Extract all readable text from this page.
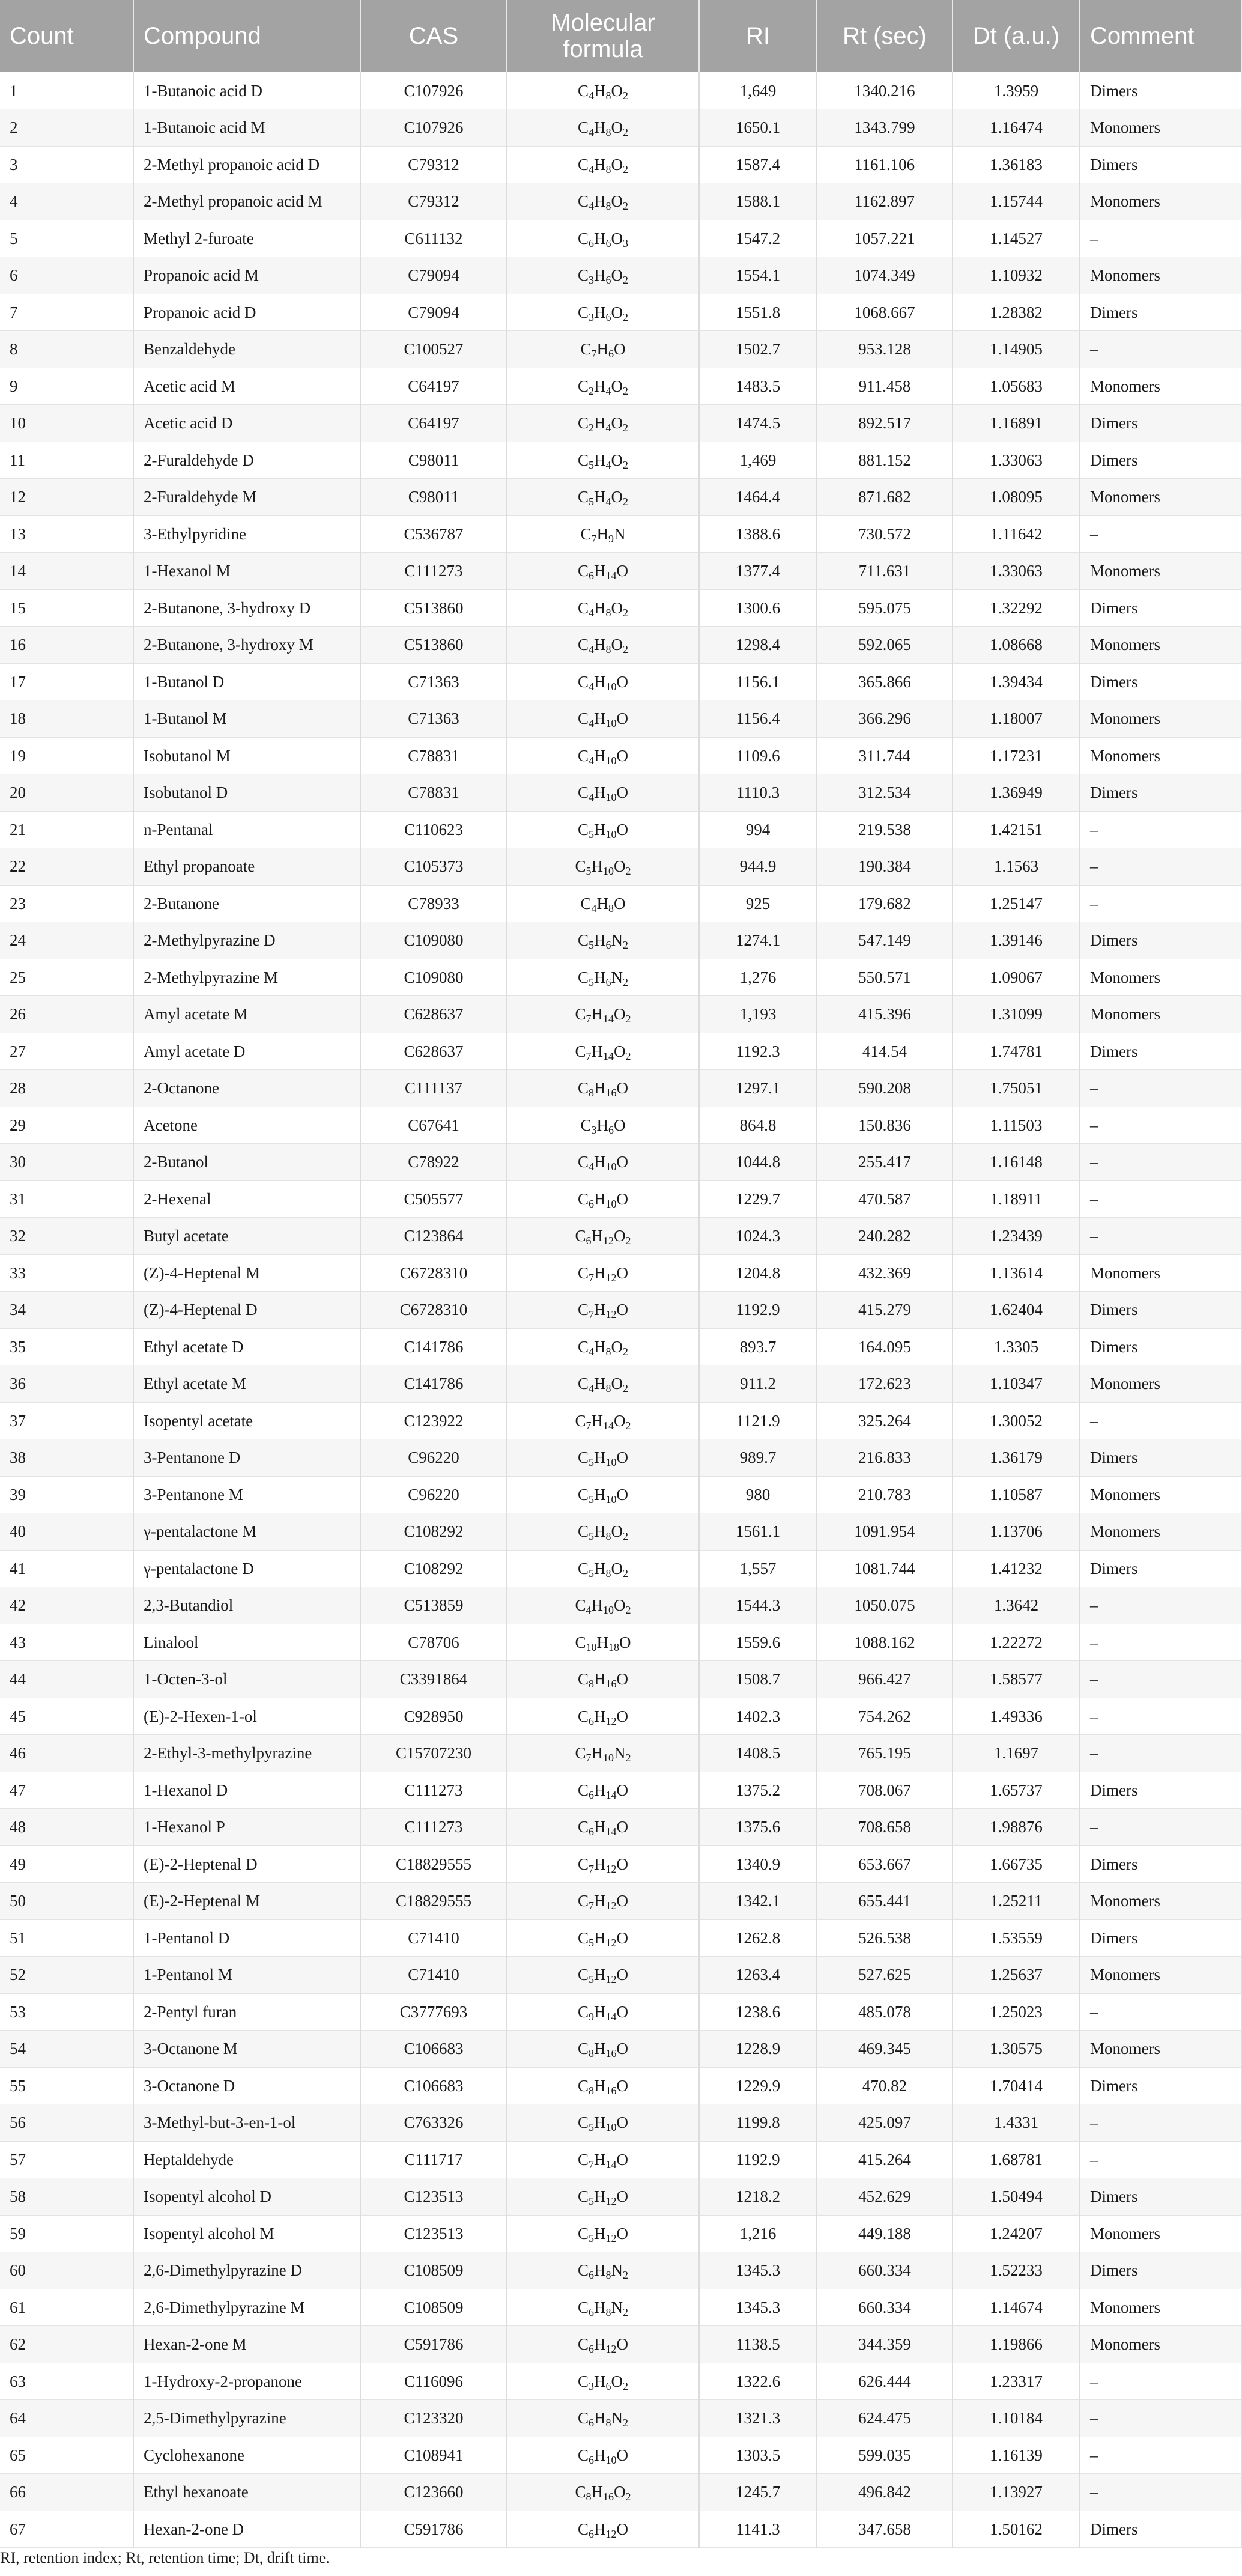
Count	Compound	CAS	Molecular formula	RI	Rt (sec)	Dt (a.u.)	Comment
1	1-Butanoic acid D	C107926	$C_4H_8O_2$	1,649	1340.216	1.3959	Dimers
2	1-Butanoic acid M	C107926	$C_4H_8O_2$	1650.1	1343.799	1.16474	Monomers
3	2-Methyl propanoic acid D	C79312	$C_4H_8O_2$	1587.4	1161.106	1.36183	Dimers
4	2-Methyl propanoic acid M	C79312	$C_4H_8O_2$	1588.1	1162.897	1.15744	Monomers
5	Methyl 2-furoate	C611132	$C_6H_6O_3$	1547.2	1057.221	1.14527	–
6	Propanoic acid M	C79094	$C_3H_6O_2$	1554.1	1074.349	1.10932	Monomers
7	Propanoic acid D	C79094	$C_3H_6O_2$	1551.8	1068.667	1.28382	Dimers
8	Benzaldehyde	C100527	$C_7H_6O$	1502.7	953.128	1.14905	–
9	Acetic acid M	C64197	$C_2H_4O_2$	1483.5	911.458	1.05683	Monomers
10	Acetic acid D	C64197	$C_2H_4O_2$	1474.5	892.517	1.16891	Dimers
11	2-Furaldehyde D	C98011	$C_5H_4O_2$	1,469	881.152	1.33063	Dimers
12	2-Furaldehyde M	C98011	$C_5H_4O_2$	1464.4	871.682	1.08095	Monomers
13	3-Ethylpyridine	C536787	$C_7H_9N$	1388.6	730.572	1.11642	–
14	1-Hexanol M	C111273	$C_6H_{14}O$	1377.4	711.631	1.33063	Monomers
15	2-Butanone, 3-hydroxy D	C513860	$C_4H_8O_2$	1300.6	595.075	1.32292	Dimers
16	2-Butanone, 3-hydroxy M	C513860	$C_4H_8O_2$	1298.4	592.065	1.08668	Monomers
17	1-Butanol D	C71363	$C_4H_{10}O$	1156.1	365.866	1.39434	Dimers
18	1-Butanol M	C71363	$C_4H_{10}O$	1156.4	366.296	1.18007	Monomers
19	Isobutanol M	C78831	$C_4H_{10}O$	1109.6	311.744	1.17231	Monomers
20	Isobutanol D	C78831	$C_4H_{10}O$	1110.3	312.534	1.36949	Dimers
21	n-Pentanal	C110623	$C_5H_{10}O$	994	219.538	1.42151	–
22	Ethyl propanoate	C105373	$C_5H_{10}O_2$	944.9	190.384	1.1563	–
23	2-Butanone	C78933	$C_4H_8O$	925	179.682	1.25147	–
24	2-Methylpyrazine D	C109080	$C_5H_6N_2$	1274.1	547.149	1.39146	Dimers
25	2-Methylpyrazine M	C109080	$C_5H_6N_2$	1,276	550.571	1.09067	Monomers
26	Amyl acetate M	C628637	$C_7H_{14}O_2$	1,193	415.396	1.31099	Monomers
27	Amyl acetate D	C628637	$C_7H_{14}O_2$	1192.3	414.54	1.74781	Dimers
28	2-Octanone	C111137	$C_8H_{16}O$	1297.1	590.208	1.75051	–
29	Acetone	C67641	$C_3H_6O$	864.8	150.836	1.11503	–
30	2-Butanol	C78922	$C_4H_{10}O$	1044.8	255.417	1.16148	–
31	2-Hexenal	C505577	$C_6H_{10}O$	1229.7	470.587	1.18911	–
32	Butyl acetate	C123864	$C_6H_{12}O_2$	1024.3	240.282	1.23439	–
33	(Z)-4-Heptenal M	C6728310	$C_7H_{12}O$	1204.8	432.369	1.13614	Monomers
34	(Z)-4-Heptenal D	C6728310	$C_7H_{12}O$	1192.9	415.279	1.62404	Dimers
35	Ethyl acetate D	C141786	$C_4H_8O_2$	893.7	164.095	1.3305	Dimers
36	Ethyl acetate M	C141786	$C_4H_8O_2$	911.2	172.623	1.10347	Monomers
37	Isopentyl acetate	C123922	$C_7H_{14}O_2$	1121.9	325.264	1.30052	–
38	3-Pentanone D	C96220	$C_5H_{10}O$	989.7	216.833	1.36179	Dimers
39	3-Pentanone M	C96220	$C_5H_{10}O$	980	210.783	1.10587	Monomers
40	γ-pentalactone M	C108292	$C_5H_8O_2$	1561.1	1091.954	1.13706	Monomers
41	γ-pentalactone D	C108292	$C_5H_8O_2$	1,557	1081.744	1.41232	Dimers
42	2,3-Butandiol	C513859	$C_4H_{10}O_2$	1544.3	1050.075	1.3642	–
43	Linalool	C78706	$C_{10}H_{18}O$	1559.6	1088.162	1.22272	–
44	1-Octen-3-ol	C3391864	$C_8H_{16}O$	1508.7	966.427	1.58577	–
45	(E)-2-Hexen-1-ol	C928950	$C_6H_{12}O$	1402.3	754.262	1.49336	–
46	2-Ethyl-3-methylpyrazine	C15707230	$C_7H_{10}N_2$	1408.5	765.195	1.1697	–
47	1-Hexanol D	C111273	$C_6H_{14}O$	1375.2	708.067	1.65737	Dimers
48	1-Hexanol P	C111273	$C_6H_{14}O$	1375.6	708.658	1.98876	–
49	(E)-2-Heptenal D	C18829555	$C_7H_{12}O$	1340.9	653.667	1.66735	Dimers
50	(E)-2-Heptenal M	C18829555	$C_7H_{12}O$	1342.1	655.441	1.25211	Monomers
51	1-Pentanol D	C71410	$C_5H_{12}O$	1262.8	526.538	1.53559	Dimers
52	1-Pentanol M	C71410	$C_5H_{12}O$	1263.4	527.625	1.25637	Monomers
53	2-Pentyl furan	C3777693	$C_9H_{14}O$	1238.6	485.078	1.25023	–
54	3-Octanone M	C106683	$C_8H_{16}O$	1228.9	469.345	1.30575	Monomers
55	3-Octanone D	C106683	$C_8H_{16}O$	1229.9	470.82	1.70414	Dimers
56	3-Methyl-but-3-en-1-ol	C763326	$C_5H_{10}O$	1199.8	425.097	1.4331	–
57	Heptaldehyde	C111717	$C_7H_{14}O$	1192.9	415.264	1.68781	–
58	Isopentyl alcohol D	C123513	$C_5H_{12}O$	1218.2	452.629	1.50494	Dimers
59	Isopentyl alcohol M	C123513	$C_5H_{12}O$	1,216	449.188	1.24207	Monomers
60	2,6-Dimethylpyrazine D	C108509	$C_6H_8N_2$	1345.3	660.334	1.52233	Dimers
61	2,6-Dimethylpyrazine M	C108509	$C_6H_8N_2$	1345.3	660.334	1.14674	Monomers
62	Hexan-2-one M	C591786	$C_6H_{12}O$	1138.5	344.359	1.19866	Monomers
63	1-Hydroxy-2-propanone	C116096	$C_3H_6O_2$	1322.6	626.444	1.23317	–
64	2,5-Dimethylpyrazine	C123320	$C_6H_8N_2$	1321.3	624.475	1.10184	–
65	Cyclohexanone	C108941	$C_6H_{10}O$	1303.5	599.035	1.16139	–
66	Ethyl hexanoate	C123660	$C_8H_{16}O_2$	1245.7	496.842	1.13927	–
67	Hexan-2-one D	C591786	$C_6H_{12}O$	1141.3	347.658	1.50162	Dimers
RI, retention index; Rt, retention time; Dt, drift time.
